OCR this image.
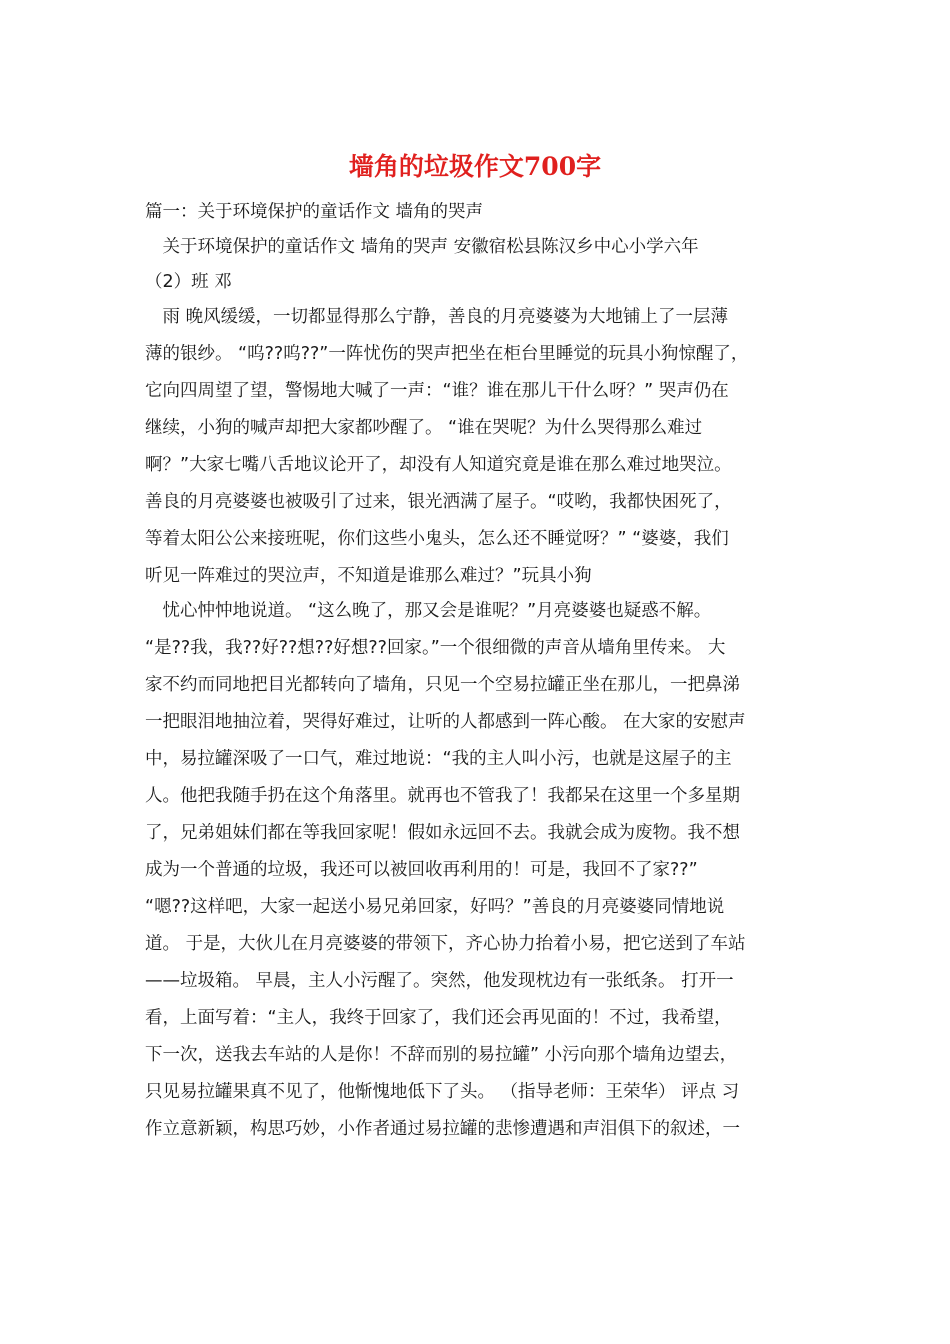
墙角的垃圾作文700字

篇一：关于环境保护的童话作文 墙角的哭声

　关于环境保护的童话作文 墙角的哭声 安徽宿松县陈汉乡中心小学六年

（2）班 邓

　雨 晚风缓缓，一切都显得那么宁静，善良的月亮婆婆为大地铺上了一层薄

薄的银纱。 “呜??呜??”一阵忧伤的哭声把坐在柜台里睡觉的玩具小狗惊醒了，

它向四周望了望，警惕地大喊了一声：“谁？谁在那儿干什么呀？” 哭声仍在

继续，小狗的喊声却把大家都吵醒了。 “谁在哭呢？为什么哭得那么难过

啊？”大家七嘴八舌地议论开了，却没有人知道究竟是谁在那么难过地哭泣。

善良的月亮婆婆也被吸引了过来，银光洒满了屋子。“哎哟，我都快困死了，

等着太阳公公来接班呢，你们这些小鬼头，怎么还不睡觉呀？” “婆婆，我们

听见一阵难过的哭泣声，不知道是谁那么难过？”玩具小狗

　忧心忡忡地说道。 “这么晚了，那又会是谁呢？”月亮婆婆也疑惑不解。

“是??我，我??好??想??好想??回家。”一个很细微的声音从墙角里传来。 大

家不约而同地把目光都转向了墙角，只见一个空易拉罐正坐在那儿，一把鼻涕

一把眼泪地抽泣着，哭得好难过，让听的人都感到一阵心酸。 在大家的安慰声

中，易拉罐深吸了一口气，难过地说：“我的主人叫小污，也就是这屋子的主

人。他把我随手扔在这个角落里。就再也不管我了！我都呆在这里一个多星期

了，兄弟姐妹们都在等我回家呢！假如永远回不去。我就会成为废物。我不想

成为一个普通的垃圾，我还可以被回收再利用的！可是，我回不了家??”

“嗯??这样吧，大家一起送小易兄弟回家，好吗？”善良的月亮婆婆同情地说

道。 于是，大伙儿在月亮婆婆的带领下，齐心协力抬着小易，把它送到了车站

——垃圾箱。 早晨，主人小污醒了。突然，他发现枕边有一张纸条。 打开一

看，上面写着：“主人，我终于回家了，我们还会再见面的！不过，我希望，

下一次，送我去车站的人是你！不辞而别的易拉罐” 小污向那个墙角边望去，

只见易拉罐果真不见了，他惭愧地低下了头。 （指导老师：王荣华） 评点 习

作立意新颖，构思巧妙，小作者通过易拉罐的悲惨遭遇和声泪俱下的叙述，一
